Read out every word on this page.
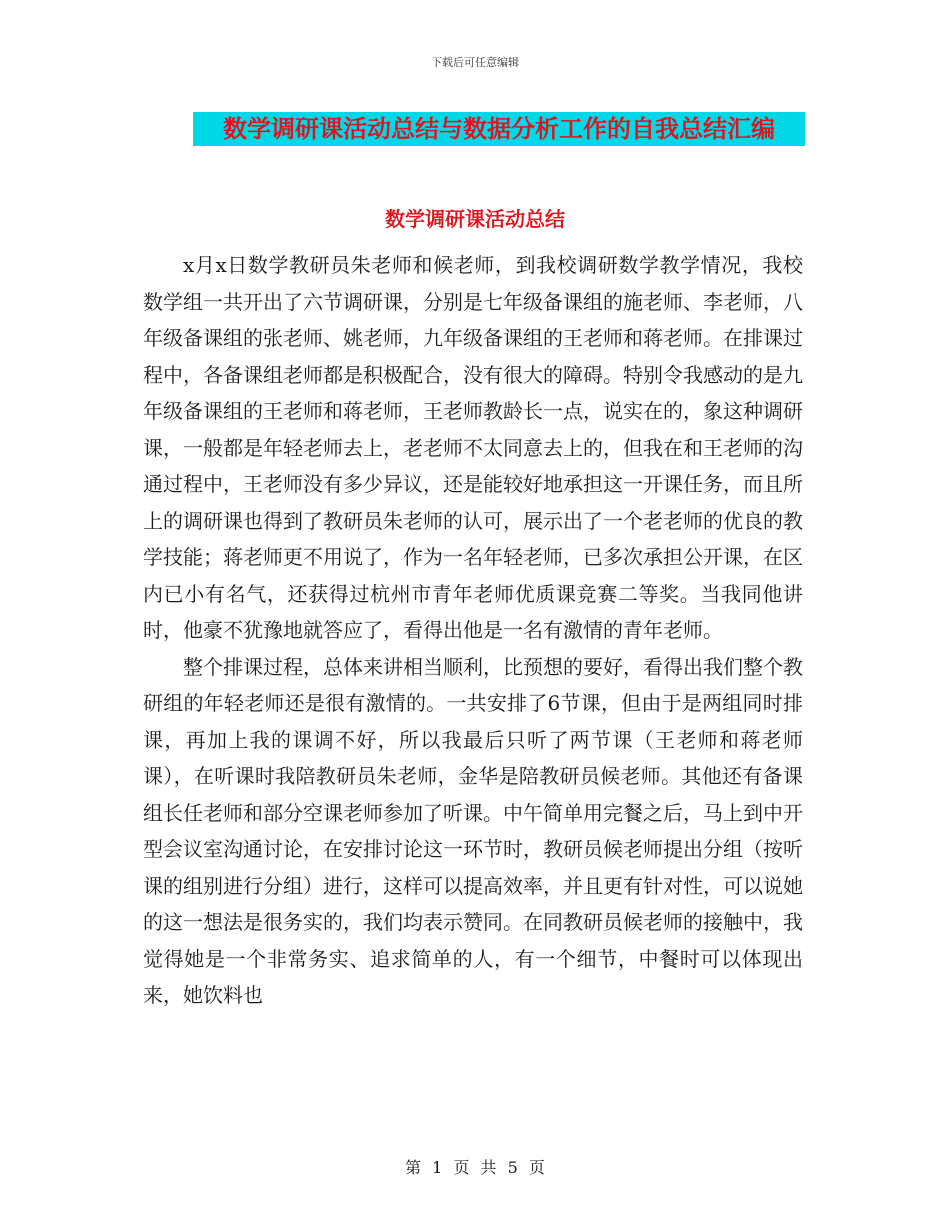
下载后可任意编辑
数学调研课活动总结与数据分析工作的自我总结汇编
数学调研课活动总结

x月x日数学教研员朱老师和候老师，到我校调研数学教学情况，我校数学组一共开出了六节调研课，分别是七年级备课组的施老师、李老师，八年级备课组的张老师、姚老师，九年级备课组的王老师和蒋老师。在排课过程中，各备课组老师都是积极配合，没有很大的障碍。特别令我感动的是九年级备课组的王老师和蒋老师，王老师教龄长一点，说实在的，象这种调研课，一般都是年轻老师去上，老老师不太同意去上的，但我在和王老师的沟通过程中，王老师没有多少异议，还是能较好地承担这一开课任务，而且所上的调研课也得到了教研员朱老师的认可，展示出了一个老老师的优良的教学技能；蒋老师更不用说了，作为一名年轻老师，已多次承担公开课，在区内已小有名气，还获得过杭州市青年老师优质课竞赛二等奖。当我同他讲时，他豪不犹豫地就答应了，看得出他是一名有激情的青年老师。

整个排课过程，总体来讲相当顺利，比预想的要好，看得出我们整个教研组的年轻老师还是很有激情的。一共安排了6节课，但由于是两组同时排课，再加上我的课调不好，所以我最后只听了两节课（王老师和蒋老师课），在听课时我陪教研员朱老师，金华是陪教研员候老师。其他还有备课组长任老师和部分空课老师参加了听课。中午简单用完餐之后，马上到中开型会议室沟通讨论，在安排讨论这一环节时，教研员候老师提出分组（按听课的组别进行分组）进行，这样可以提高效率，并且更有针对性，可以说她的这一想法是很务实的，我们均表示赞同。在同教研员候老师的接触中，我觉得她是一个非常务实、追求简单的人，有一个细节，中餐时可以体现出来，她饮料也

第 1 页 共 5 页
